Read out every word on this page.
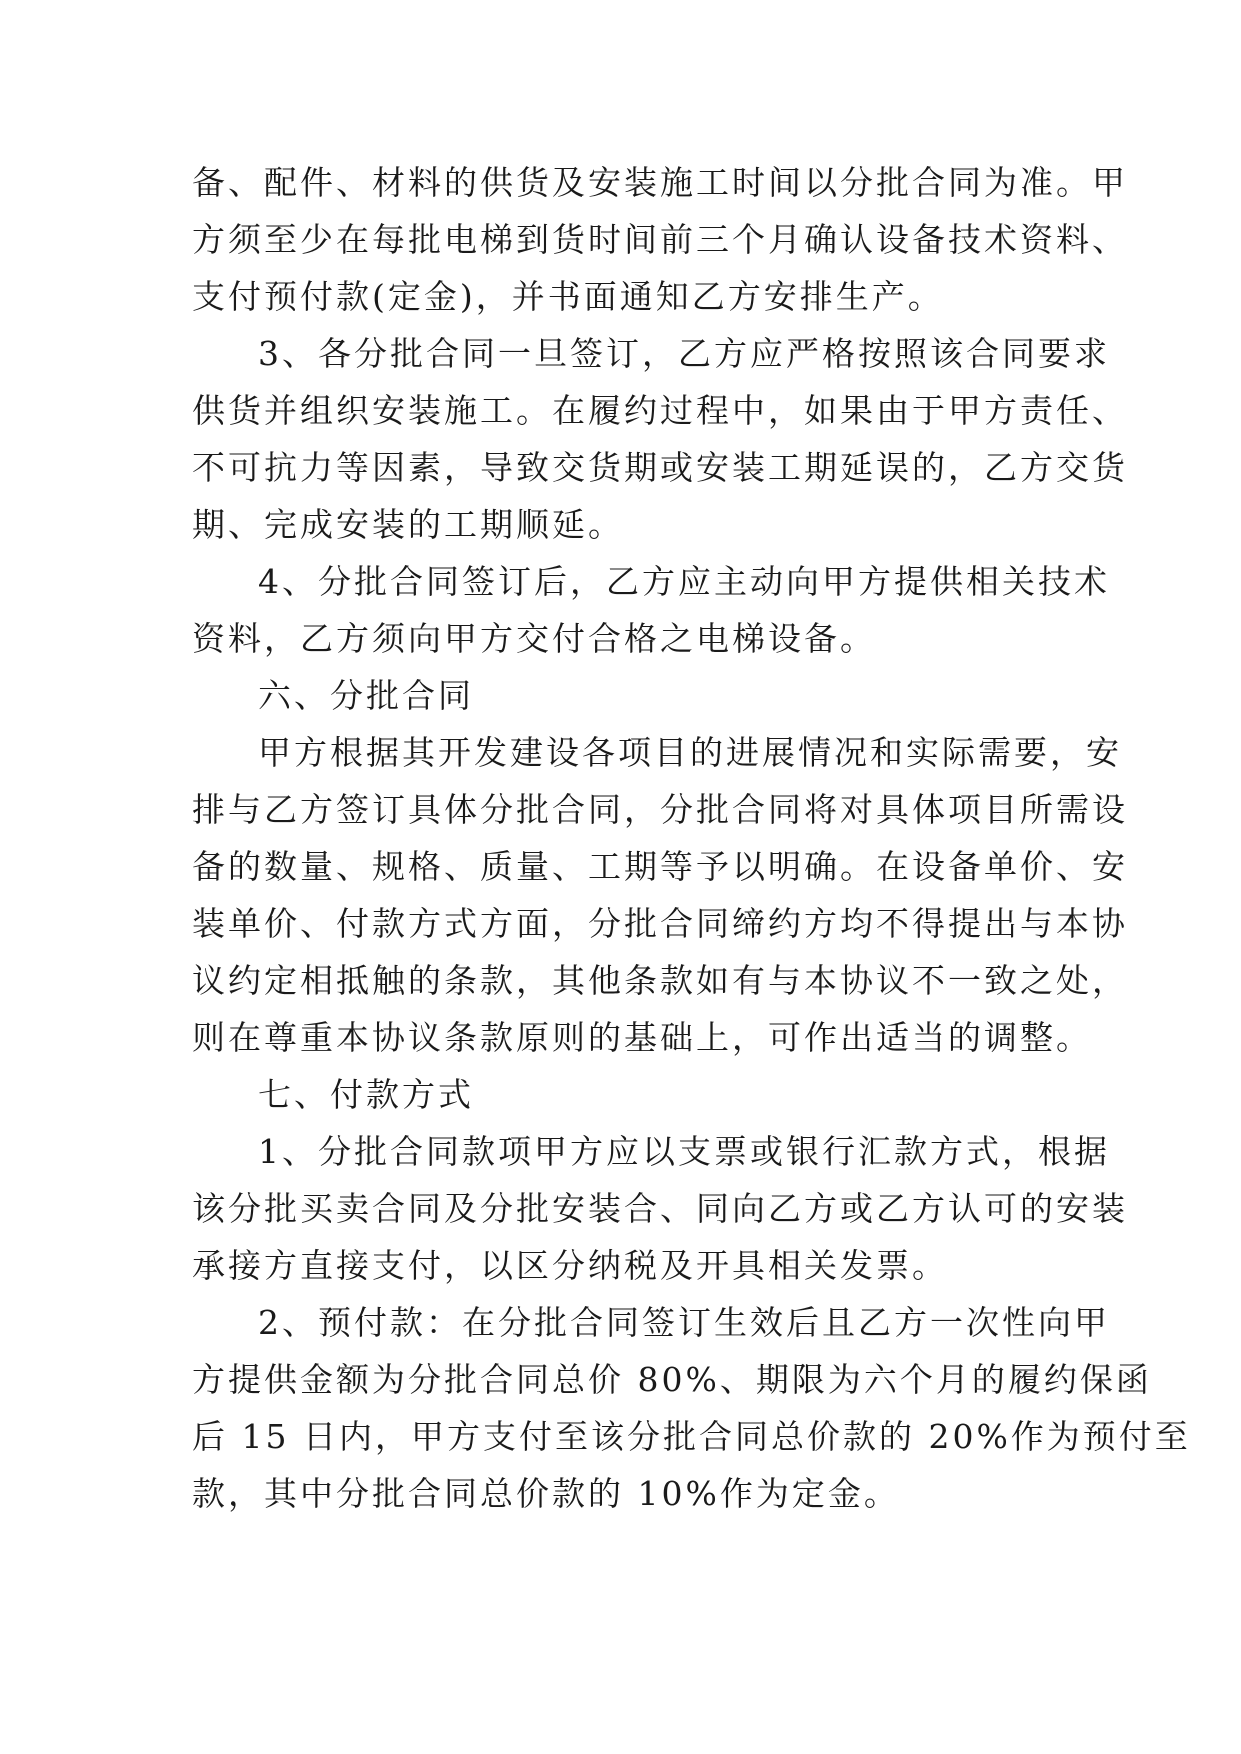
备、配件、材料的供货及安装施工时间以分批合同为准。甲
方须至少在每批电梯到货时间前三个月确认设备技术资料、
支付预付款(定金)，并书面通知乙方安排生产。
3、各分批合同一旦签订，乙方应严格按照该合同要求
供货并组织安装施工。在履约过程中，如果由于甲方责任、
不可抗力等因素，导致交货期或安装工期延误的，乙方交货
期、完成安装的工期顺延。
4、分批合同签订后，乙方应主动向甲方提供相关技术
资料，乙方须向甲方交付合格之电梯设备。
六、分批合同
甲方根据其开发建设各项目的进展情况和实际需要，安
排与乙方签订具体分批合同，分批合同将对具体项目所需设
备的数量、规格、质量、工期等予以明确。在设备单价、安
装单价、付款方式方面，分批合同缔约方均不得提出与本协
议约定相抵触的条款，其他条款如有与本协议不一致之处，
则在尊重本协议条款原则的基础上，可作出适当的调整。
七、付款方式
1、分批合同款项甲方应以支票或银行汇款方式，根据
该分批买卖合同及分批安装合、同向乙方或乙方认可的安装
承接方直接支付，以区分纳税及开具相关发票。
2、预付款：在分批合同签订生效后且乙方一次性向甲
方提供金额为分批合同总价 80%、期限为六个月的履约保函
后 15 日内，甲方支付至该分批合同总价款的 20%作为预付至
款，其中分批合同总价款的 10%作为定金。
